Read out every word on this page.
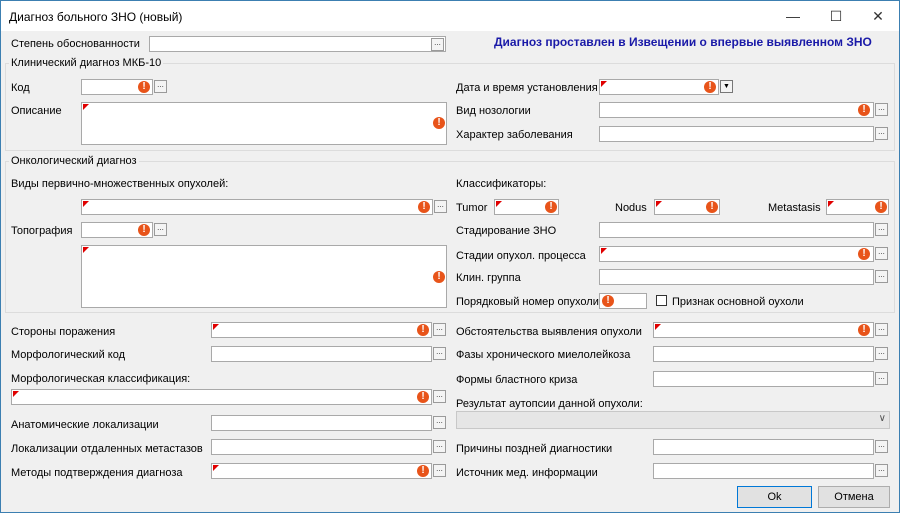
Диагноз больного ЗНО (новый)	—	☐	✕
Степень обоснованности	...	Диагноз проставлен в Извещении о впервые выявленном ЗНО
Клинический диагноз МКБ-10
Код	!	...
Описание
!
Дата и время установления	!	▼
Вид нозологии	!	...
Характер заболевания	...
Онкологический диагноз
Виды первично-множественных опухолей:
!	...
Топография	!	...
!
Классификаторы:
Tumor	!	Nodus	!	Metastasis	!
Стадирование ЗНО	...
Стадии опухол. процесса	!	...
Клин. группа	...
Порядковый номер опухоли !	Признак основной оухоли
Стороны поражения	!	...
Морфологический код	...
Морфологическая классификация:
!	...
Анатомические локализации	...
Локализации отдаленных метастазов	...
Методы подтверждения диагноза	!	...
Обстоятельства выявления опухоли	!	...
Фазы хронического миелолейкоза	...
Формы бластного криза	...
Результат аутопсии данной опухоли:
∨
Причины поздней диагностики	...
Источник мед. информации	...
Ok	Отмена
